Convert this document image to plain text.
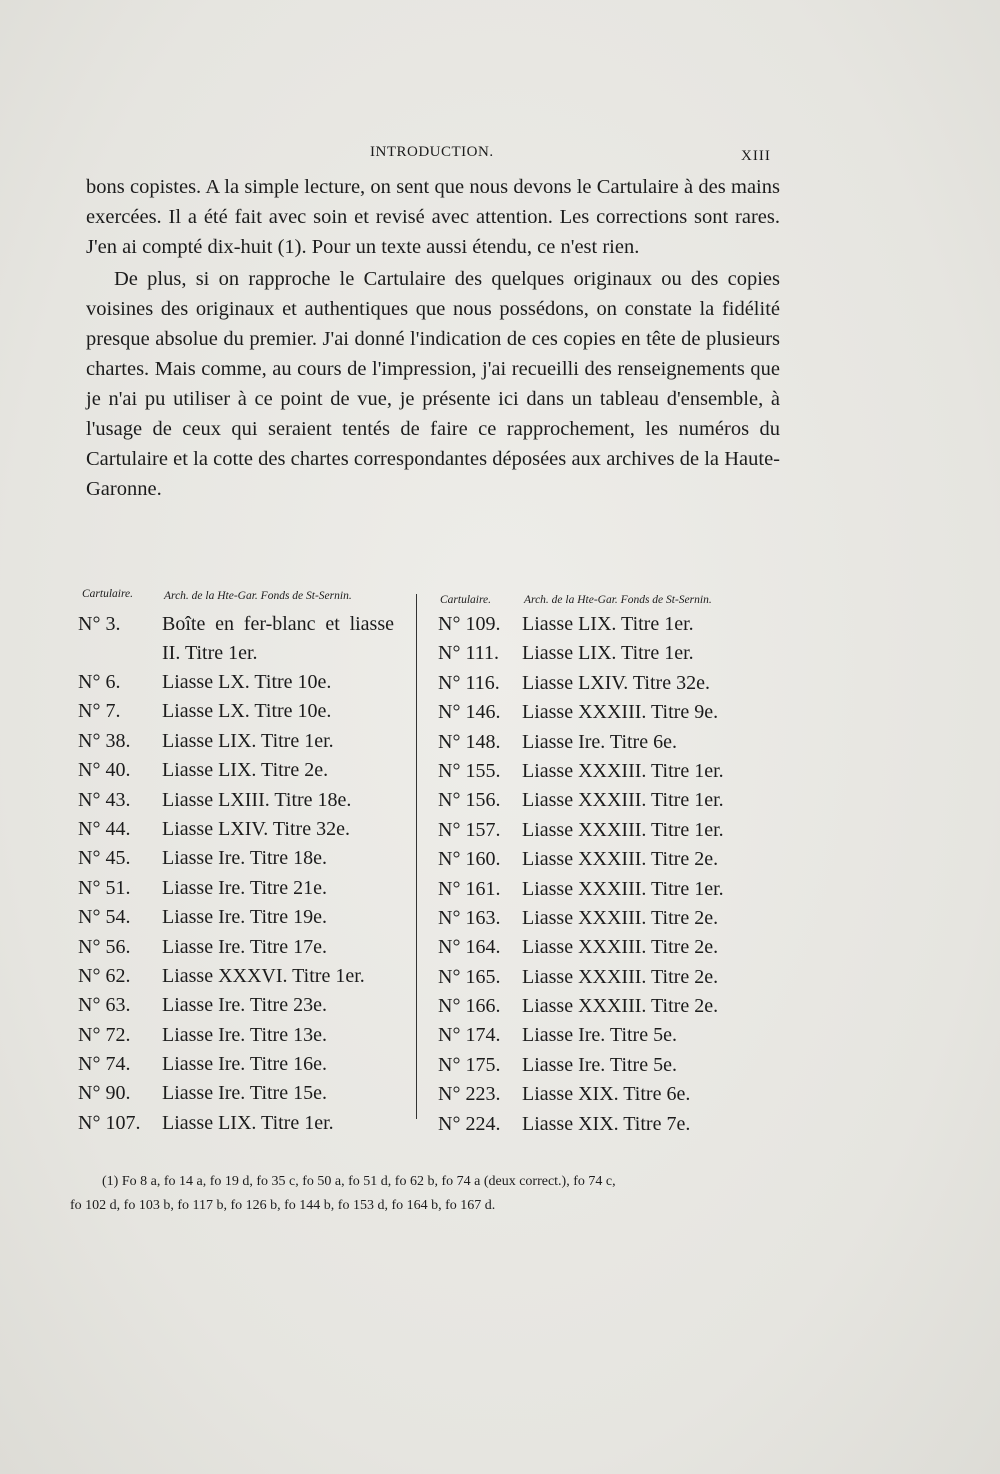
INTRODUCTION.	XIII

bons copistes. A la simple lecture, on sent que nous devons le Cartulaire à des mains exercées. Il a été fait avec soin et revisé avec attention. Les corrections sont rares. J'en ai compté dix-huit (1). Pour un texte aussi étendu, ce n'est rien.

De plus, si on rapproche le Cartulaire des quelques originaux ou des copies voisines des originaux et authentiques que nous possédons, on constate la fidélité presque absolue du premier. J'ai donné l'indication de ces copies en tête de plusieurs chartes. Mais comme, au cours de l'impression, j'ai recueilli des renseignements que je n'ai pu utiliser à ce point de vue, je présente ici dans un tableau d'ensemble, à l'usage de ceux qui seraient tentés de faire ce rapprochement, les numéros du Cartulaire et la cotte des chartes correspondantes déposées aux archives de la Haute-Garonne.

Cartulaire.	Arch. de la Hte-Gar. Fonds de St-Sernin.
N° 3. Boîte en fer-blanc et liasse II. Titre 1er.
N° 6. Liasse LX. Titre 10e.
N° 7. Liasse LX. Titre 10e.
N° 38. Liasse LIX. Titre 1er.
N° 40. Liasse LIX. Titre 2e.
N° 43. Liasse LXIII. Titre 18e.
N° 44. Liasse LXIV. Titre 32e.
N° 45. Liasse Ire. Titre 18e.
N° 51. Liasse Ire. Titre 21e.
N° 54. Liasse Ire. Titre 19e.
N° 56. Liasse Ire. Titre 17e.
N° 62. Liasse XXXVI. Titre 1er.
N° 63. Liasse Ire. Titre 23e.
N° 72. Liasse Ire. Titre 13e.
N° 74. Liasse Ire. Titre 16e.
N° 90. Liasse Ire. Titre 15e.
N° 107. Liasse LIX. Titre 1er.
Cartulaire.	Arch. de la Hte-Gar. Fonds de St-Sernin.
N° 109. Liasse LIX. Titre 1er.
N° 111. Liasse LIX. Titre 1er.
N° 116. Liasse LXIV. Titre 32e.
N° 146. Liasse XXXIII. Titre 9e.
N° 148. Liasse Ire. Titre 6e.
N° 155. Liasse XXXIII. Titre 1er.
N° 156. Liasse XXXIII. Titre 1er.
N° 157. Liasse XXXIII. Titre 1er.
N° 160. Liasse XXXIII. Titre 2e.
N° 161. Liasse XXXIII. Titre 1er.
N° 163. Liasse XXXIII. Titre 2e.
N° 164. Liasse XXXIII. Titre 2e.
N° 165. Liasse XXXIII. Titre 2e.
N° 166. Liasse XXXIII. Titre 2e.
N° 174. Liasse Ire. Titre 5e.
N° 175. Liasse Ire. Titre 5e.
N° 223. Liasse XIX. Titre 6e.
N° 224. Liasse XIX. Titre 7e.
(1) Fo 8 a, fo 14 a, fo 19 d, fo 35 c, fo 50 a, fo 51 d, fo 62 b, fo 74 a (deux correct.), fo 74 c,
fo 102 d, fo 103 b, fo 117 b, fo 126 b, fo 144 b, fo 153 d, fo 164 b, fo 167 d.
